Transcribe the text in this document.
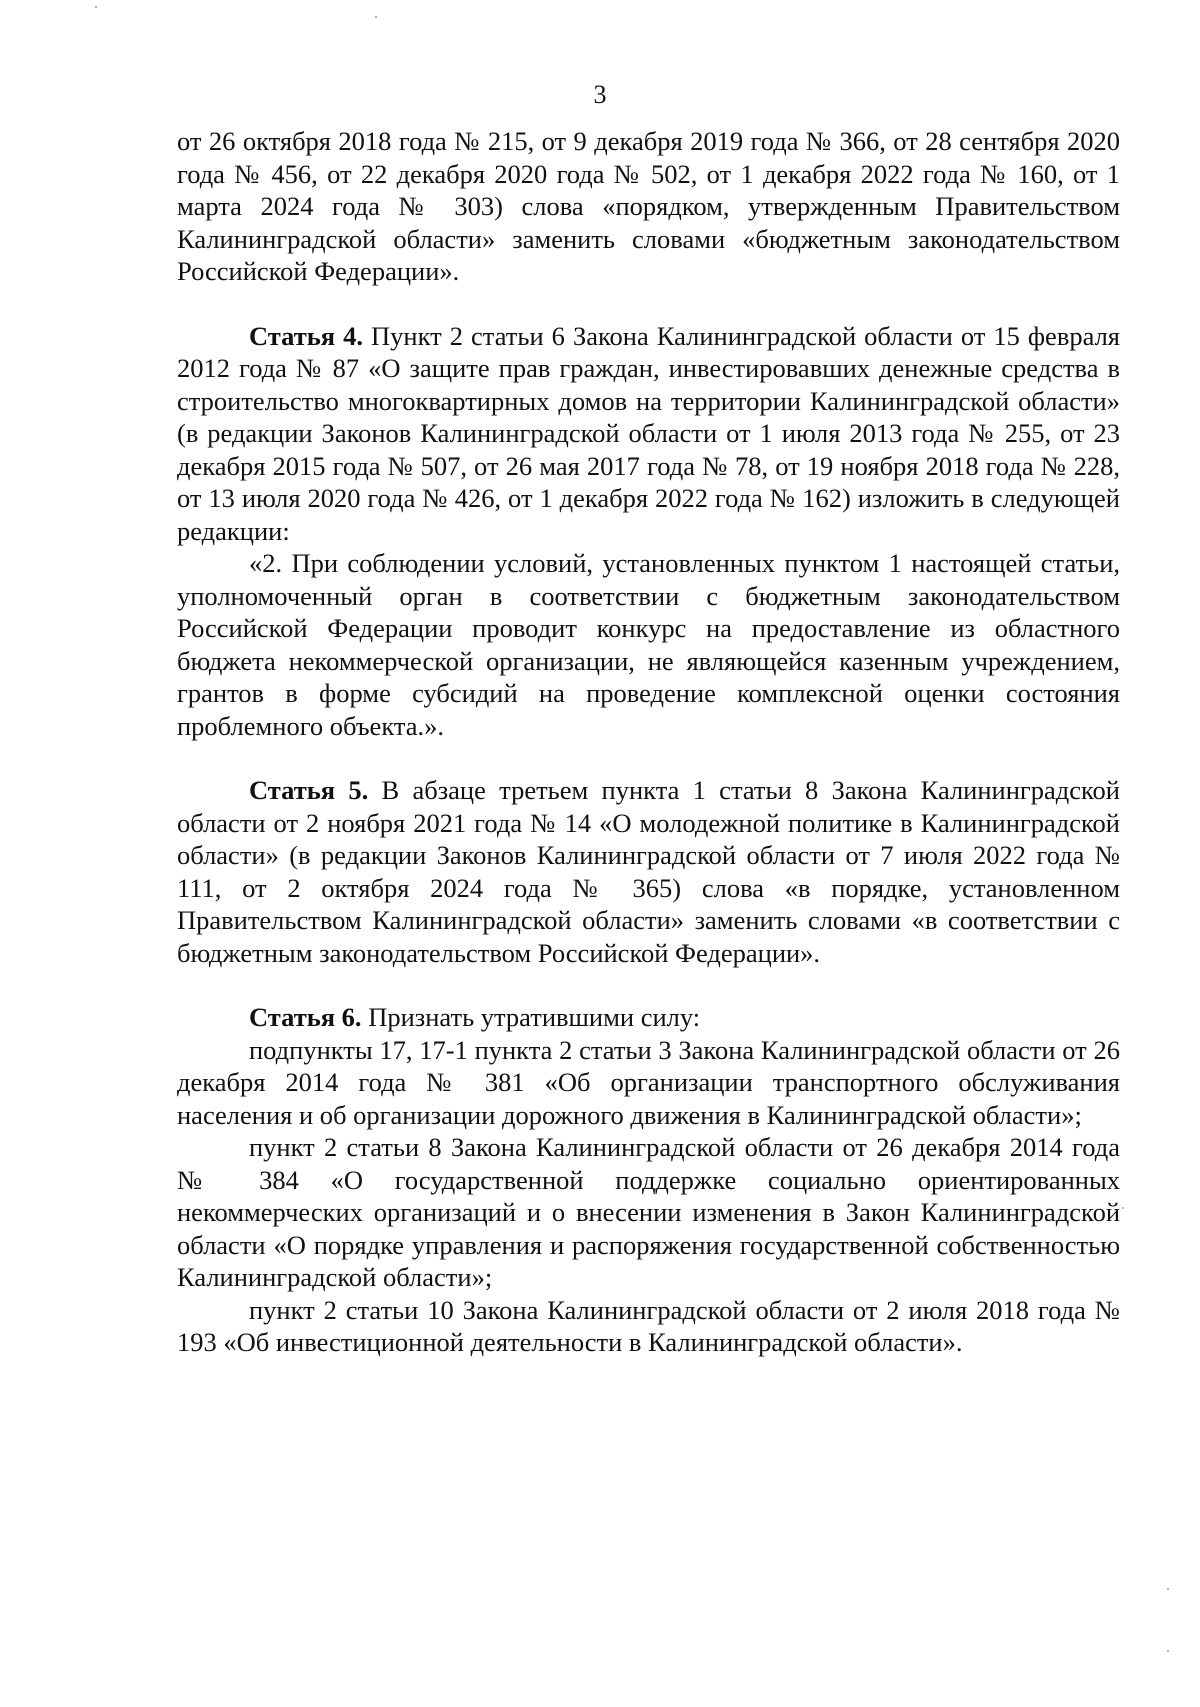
3

от 26 октября 2018 года № 215, от 9 декабря 2019 года № 366, от 28 сентября 2020 года № 456, от 22 декабря 2020 года № 502, от 1 декабря 2022 года № 160, от 1 марта 2024 года № 303) слова «порядком, утвержденным Правительством Калининградской области» заменить словами «бюджетным законодательством Российской Федерации».

Статья 4. Пункт 2 статьи 6 Закона Калининградской области от 15 февраля 2012 года № 87 «О защите прав граждан, инвестировавших денежные средства в строительство многоквартирных домов на территории Калининградской области» (в редакции Законов Калининградской области от 1 июля 2013 года № 255, от 23 декабря 2015 года № 507, от 26 мая 2017 года № 78, от 19 ноября 2018 года № 228, от 13 июля 2020 года № 426, от 1 декабря 2022 года № 162) изложить в следующей редакции:

«2. При соблюдении условий, установленных пунктом 1 настоящей статьи, уполномоченный орган в соответствии с бюджетным законодательством Российской Федерации проводит конкурс на предоставление из областного бюджета некоммерческой организации, не являющейся казенным учреждением, грантов в форме субсидий на проведение комплексной оценки состояния проблемного объекта.».

Статья 5. В абзаце третьем пункта 1 статьи 8 Закона Калининградской области от 2 ноября 2021 года № 14 «О молодежной политике в Калининградской области» (в редакции Законов Калининградской области от 7 июля 2022 года № 111, от 2 октября 2024 года № 365) слова «в порядке, установленном Правительством Калининградской области» заменить словами «в соответствии с бюджетным законодательством Российской Федерации».

Статья 6. Признать утратившими силу:

подпункты 17, 17-1 пункта 2 статьи 3 Закона Калининградской области от 26 декабря 2014 года № 381 «Об организации транспортного обслуживания населения и об организации дорожного движения в Калининградской области»;

пункт 2 статьи 8 Закона Калининградской области от 26 декабря 2014 года № 384 «О государственной поддержке социально ориентированных некоммерческих организаций и о внесении изменения в Закон Калининградской области «О порядке управления и распоряжения государственной собственностью Калининградской области»;

пункт 2 статьи 10 Закона Калининградской области от 2 июля 2018 года № 193 «Об инвестиционной деятельности в Калининградской области».
